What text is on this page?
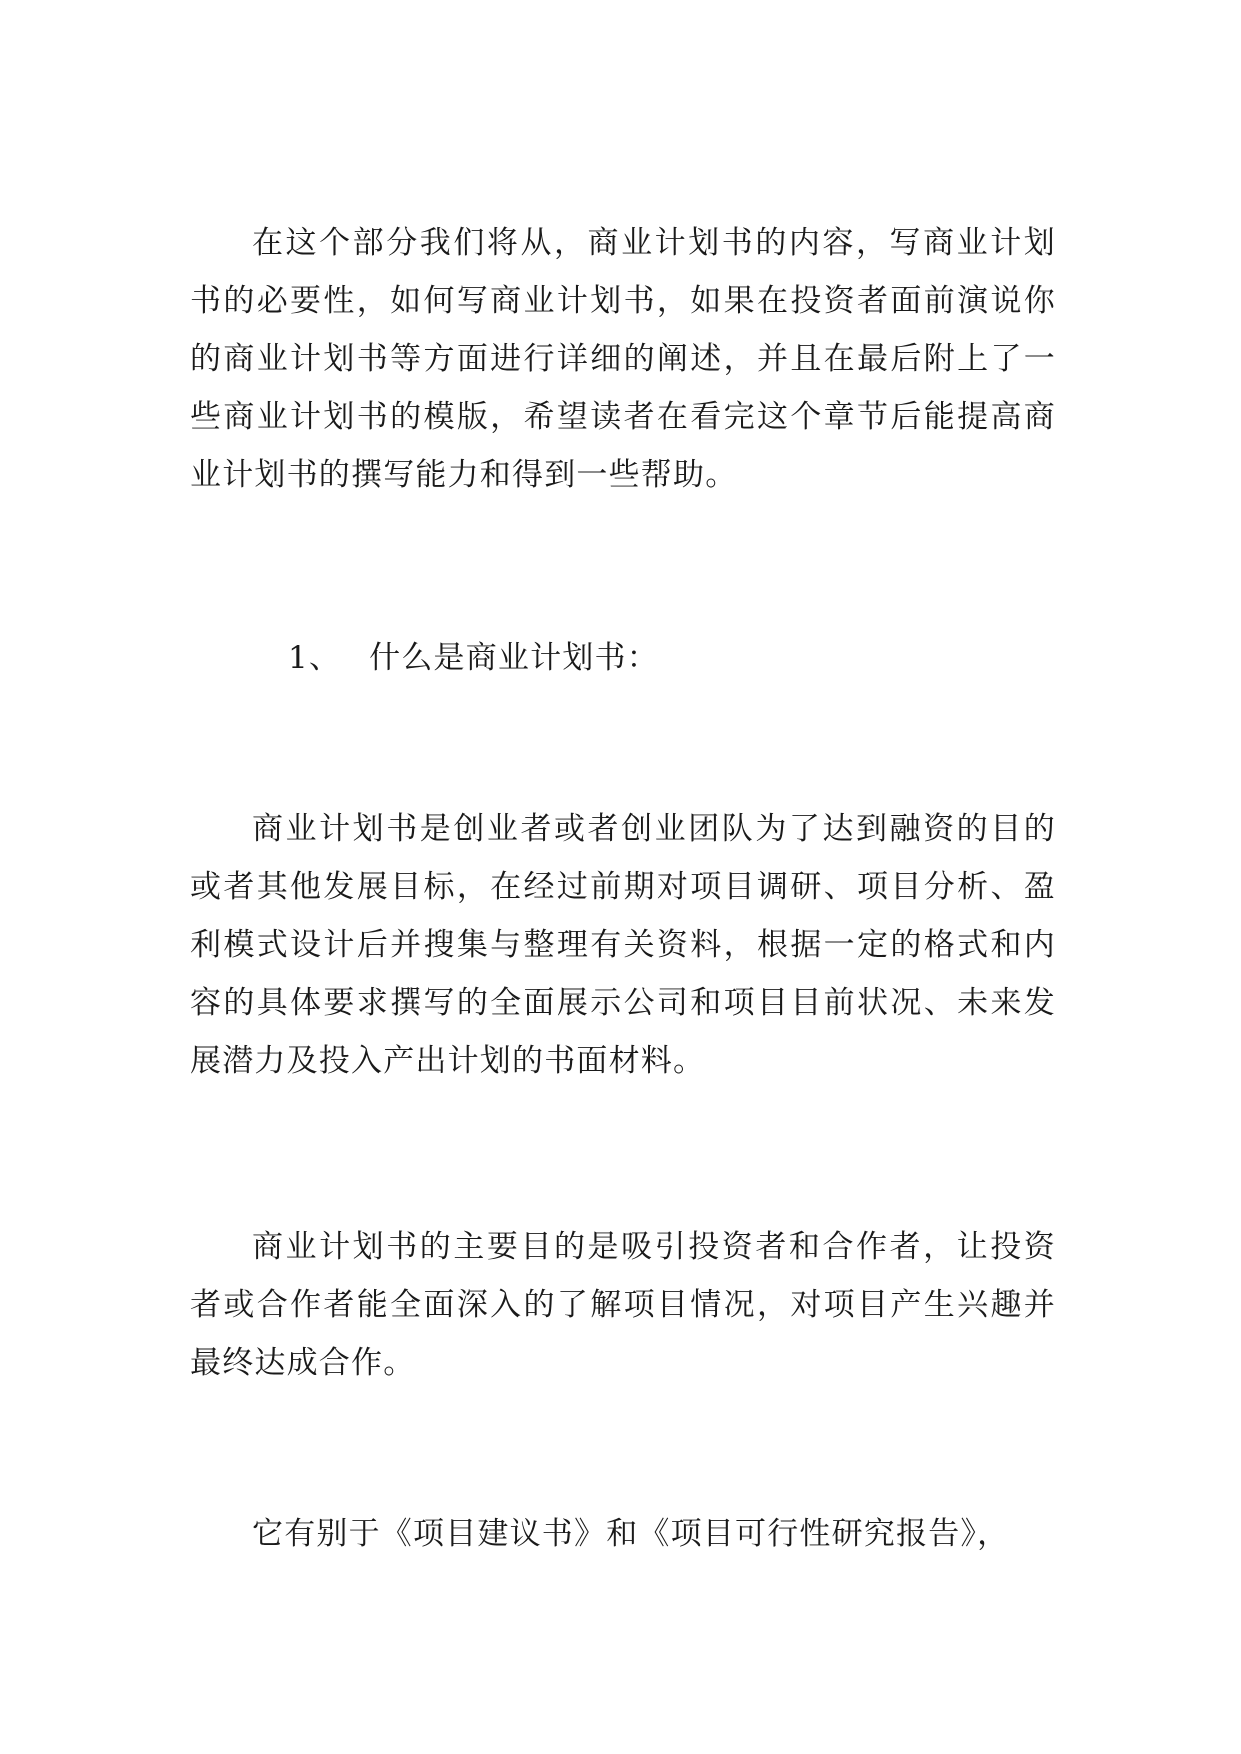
在这个部分我们将从，商业计划书的内容，写商业计划书的必要性，如何写商业计划书，如果在投资者面前演说你的商业计划书等方面进行详细的阐述，并且在最后附上了一些商业计划书的模版，希望读者在看完这个章节后能提高商业计划书的撰写能力和得到一些帮助。

1、 什么是商业计划书：

商业计划书是创业者或者创业团队为了达到融资的目的或者其他发展目标，在经过前期对项目调研、项目分析、盈利模式设计后并搜集与整理有关资料，根据一定的格式和内容的具体要求撰写的全面展示公司和项目目前状况、未来发展潜力及投入产出计划的书面材料。

商业计划书的主要目的是吸引投资者和合作者，让投资者或合作者能全面深入的了解项目情况，对项目产生兴趣并最终达成合作。

它有别于《项目建议书》和《项目可行性研究报告》，
